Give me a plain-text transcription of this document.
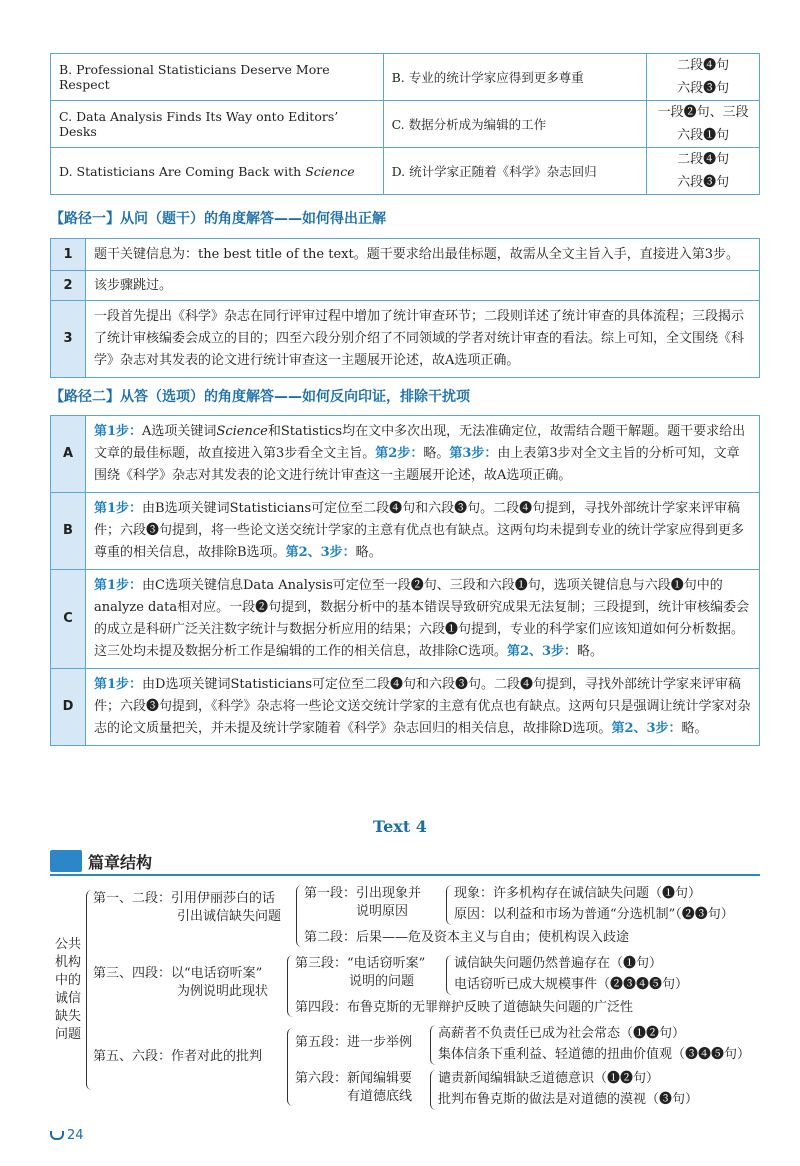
B. Professional Statisticians Deserve More Respect	B. 专业的统计学家应得到更多尊重	二段❹句
六段❸句

C. Data Analysis Finds Its Way onto Editors’ Desks	C. 数据分析成为编辑的工作	一段❷句、三段
六段❶句

D. Statisticians Are Coming Back with Science	D. 统计学家正随着《科学》杂志回归	二段❹句
六段❸句
【路径一】从问（题干）的角度解答——如何得出正解
1	题干关键信息为：the best title of the text。题干要求给出最佳标题，故需从全文主旨入手，直接进入第3步。
2	该步骤跳过。
3	一段首先提出《科学》杂志在同行评审过程中增加了统计审查环节；二段则详述了统计审查的具体流程；三段揭示了统计审核编委会成立的目的；四至六段分别介绍了不同领域的学者对统计审查的看法。综上可知，全文围绕《科学》杂志对其发表的论文进行统计审查这一主题展开论述，故A选项正确。
【路径二】从答（选项）的角度解答——如何反向印证，排除干扰项
A	第1步：A选项关键词Science和Statistics均在文中多次出现，无法准确定位，故需结合题干解题。题干要求给出文章的最佳标题，故直接进入第3步看全文主旨。第2步：略。第3步：由上表第3步对全文主旨的分析可知，文章围绕《科学》杂志对其发表的论文进行统计审查这一主题展开论述，故A选项正确。
B	第1步：由B选项关键词Statisticians可定位至二段❹句和六段❸句。二段❹句提到，寻找外部统计学家来评审稿件；六段❸句提到，将一些论文送交统计学家的主意有优点也有缺点。这两句均未提到专业的统计学家应得到更多尊重的相关信息，故排除B选项。第2、3步：略。
C	第1步：由C选项关键信息Data Analysis可定位至一段❷句、三段和六段❶句，选项关键信息与六段❶句中的analyze data相对应。一段❷句提到，数据分析中的基本错误导致研究成果无法复制；三段提到，统计审核编委会的成立是科研广泛关注数字统计与数据分析应用的结果；六段❶句提到，专业的科学家们应该知道如何分析数据。这三处均未提及数据分析工作是编辑的工作的相关信息，故排除C选项。第2、3步：略。
D	第1步：由D选项关键词Statisticians可定位至二段❹句和六段❸句。二段❹句提到，寻找外部统计学家来评审稿件；六段❸句提到，《科学》杂志将一些论文送交统计学家的主意有优点也有缺点。这两句只是强调让统计学家对杂志的论文质量把关，并未提及统计学家随着《科学》杂志回归的相关信息，故排除D选项。第2、3步：略。
Text 4
篇章结构
公共机构中的诚信缺失问题
第一、二段：引用伊丽莎白的话
引出诚信缺失问题
第一段：引出现象并
说明原因
现象：许多机构存在诚信缺失问题（❶句）
原因：以利益和市场为普通“分选机制”（❷❸句）
第二段：后果——危及资本主义与自由；使机构误入歧途
第三、四段：以“电话窃听案”
为例说明此现状
第三段：“电话窃听案”
说明的问题
诚信缺失问题仍然普遍存在（❶句）
电话窃听已成大规模事件（❷❸❹❺句）
第四段：布鲁克斯的无罪辩护反映了道德缺失问题的广泛性
第五、六段：作者对此的批判
第五段：进一步举例
高薪者不负责任已成为社会常态（❶❷句）
集体信条下重利益、轻道德的扭曲价值观（❸❹❺句）
第六段：新闻编辑要
有道德底线
谴责新闻编辑缺乏道德意识（❶❷句）
批判布鲁克斯的做法是对道德的漠视（❸句）
24
